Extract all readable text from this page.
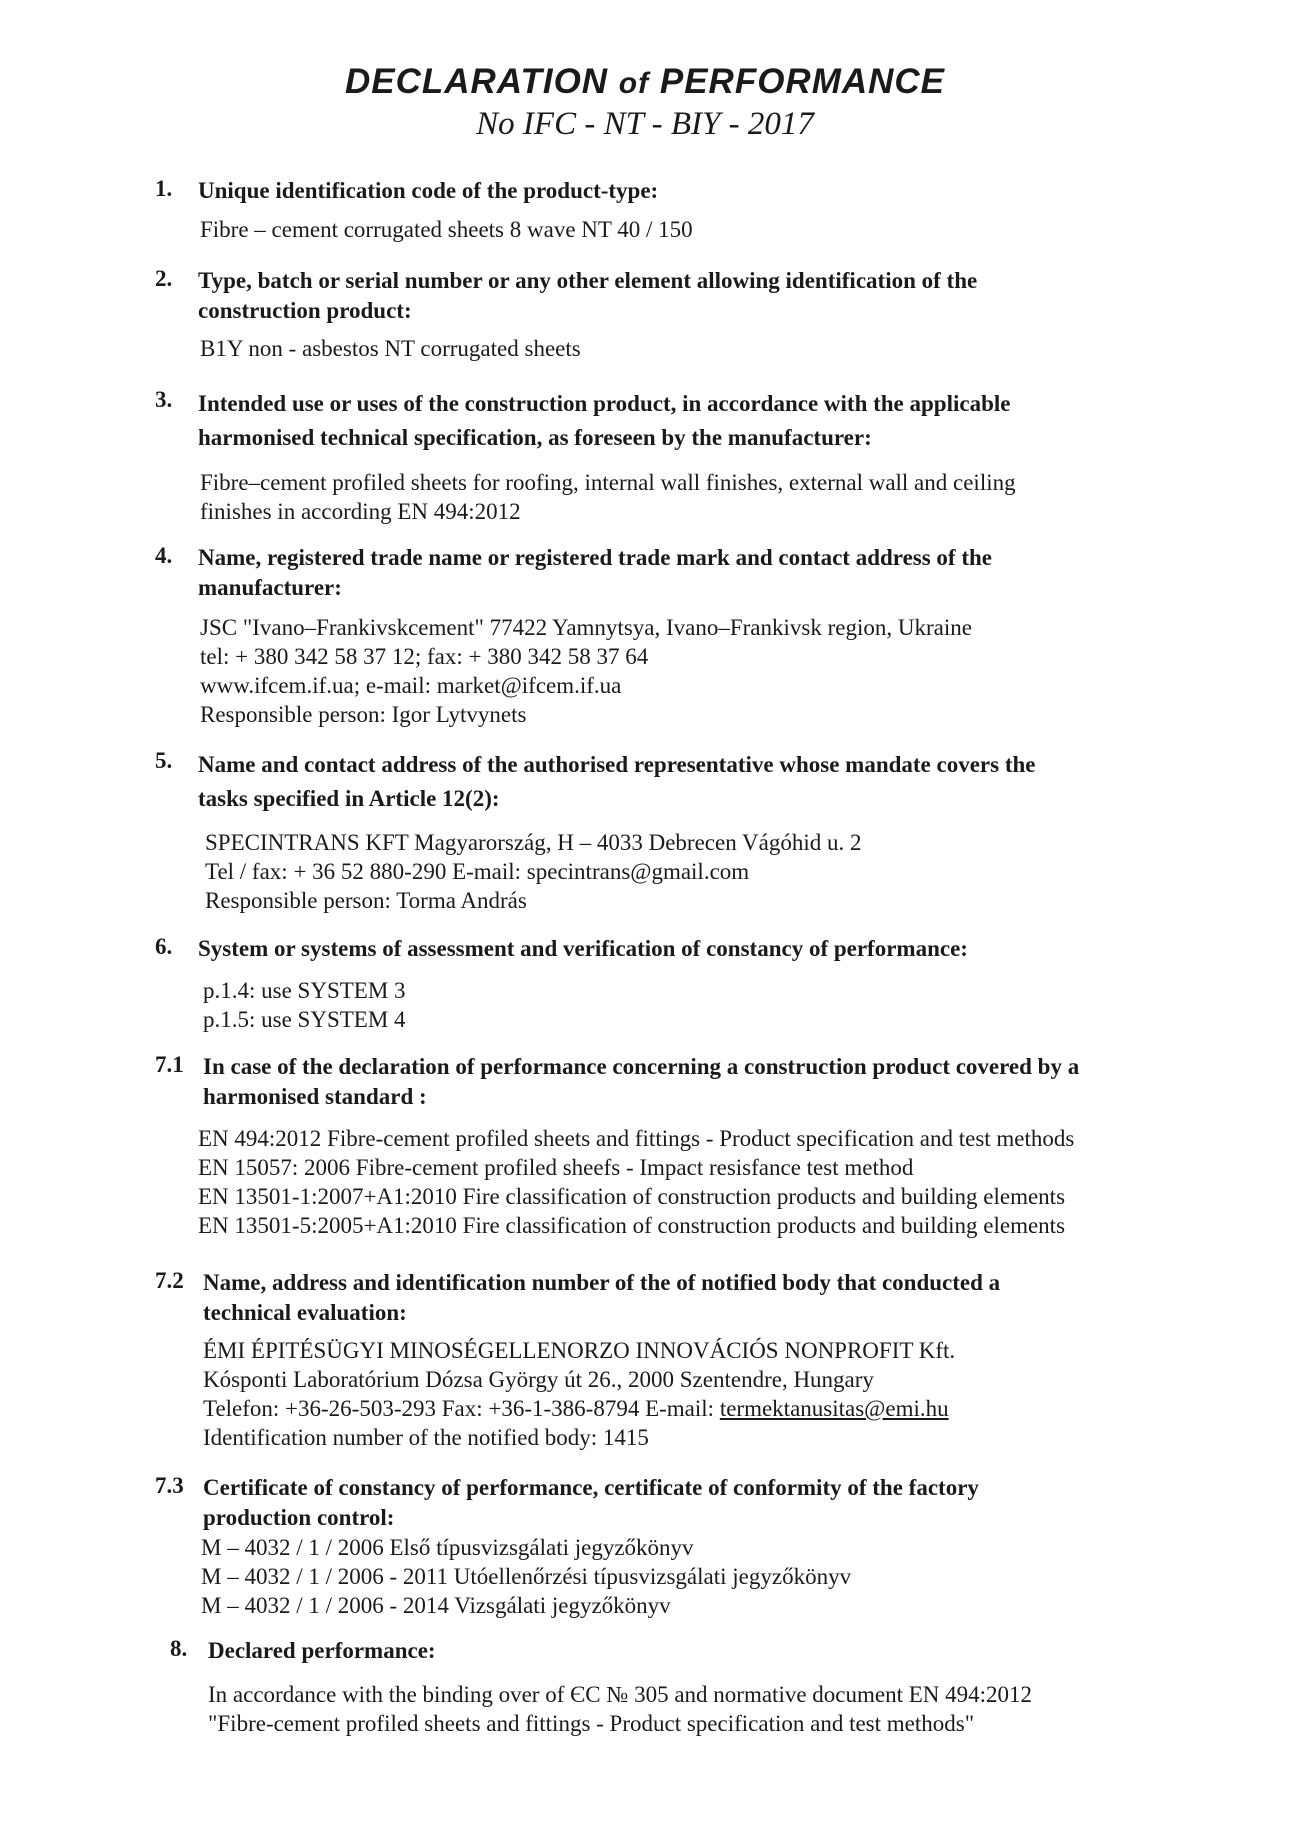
DECLARATION of PERFORMANCE
No IFC - NT - BIY - 2017
1. Unique identification code of the product-type:
Fibre – cement corrugated sheets 8 wave NT 40 / 150
2. Type, batch or serial number or any other element allowing identification of the
construction product:
B1Y non - asbestos NT corrugated sheets
3. Intended use or uses of the construction product, in accordance with the applicable
harmonised technical specification, as foreseen by the manufacturer:
Fibre–cement profiled sheets for roofing, internal wall finishes, external wall and ceiling
finishes in according EN 494:2012
4. Name, registered trade name or registered trade mark and contact address of the
manufacturer:
JSC "Ivano–Frankivskcement" 77422 Yamnytsya, Ivano–Frankivsk region, Ukraine
tel: + 380 342 58 37 12; fax: + 380 342 58 37 64
www.ifcem.if.ua; e-mail: market@ifcem.if.ua
Responsible person: Igor Lytvynets
5. Name and contact address of the authorised representative whose mandate covers the
tasks specified in Article 12(2):
SPECINTRANS KFT Magyarország, H – 4033 Debrecen Vágóhid u. 2
Tel / fax: + 36 52 880-290 E-mail: specintrans@gmail.com
Responsible person: Torma András
6. System or systems of assessment and verification of constancy of performance:
p.1.4: use SYSTEM 3
p.1.5: use SYSTEM 4
7.1 In case of the declaration of performance concerning a construction product covered by a
harmonised standard :
EN 494:2012 Fibre-cement profiled sheets and fittings - Product specification and test methods
EN 15057: 2006 Fibre-cement profiled sheefs - Impact resisfance test method
EN 13501-1:2007+A1:2010 Fire classification of construction products and building elements
EN 13501-5:2005+A1:2010 Fire classification of construction products and building elements
7.2 Name, address and identification number of the of notified body that conducted a
technical evaluation:
ÉMI ÉPITÉSÜGYI MINOSÉGELLENORZO INNOVÁCIÓS NONPROFIT Kft.
Kósponti Laboratórium Dózsa György út 26., 2000 Szentendre, Hungary
Telefon: +36-26-503-293 Fax: +36-1-386-8794 E-mail: termektanusitas@emi.hu
Identification number of the notified body: 1415
7.3 Certificate of constancy of performance, certificate of conformity of the factory
production control:
M – 4032 / 1 / 2006 Első típusvizsgálati jegyzőkönyv
M – 4032 / 1 / 2006 - 2011 Utóellenőrzési típusvizsgálati jegyzőkönyv
M – 4032 / 1 / 2006 - 2014 Vizsgálati jegyzőkönyv
8. Declared performance:
In accordance with the binding over of ЄС № 305 and normative document EN 494:2012
"Fibre-cement profiled sheets and fittings - Product specification and test methods"
